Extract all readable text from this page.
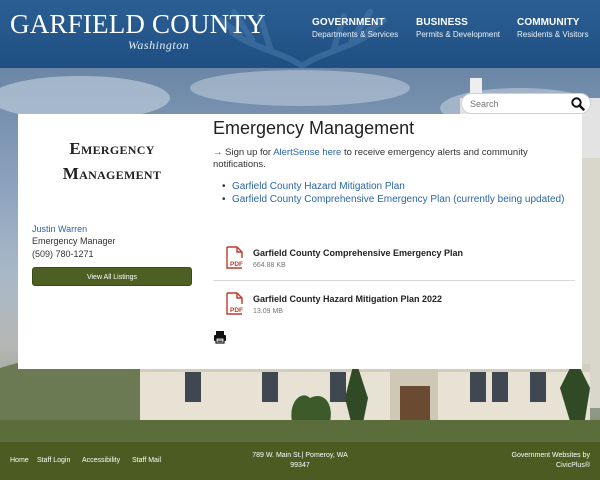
GARFIELD COUNTY
Washington
GOVERNMENT
Departments & Services
BUSINESS
Permits & Development
COMMUNITY
Residents & Visitors
Search
Emergency
Management
Justin Warren
Emergency Manager
(509) 780-1271
View All Listings
Emergency Management

→ Sign up for AlertSense here to receive emergency alerts and community notifications.

• Garfield County Hazard Mitigation Plan
• Garfield County Comprehensive Emergency Plan (currently being updated)
PDF
Garfield County Comprehensive Emergency Plan
664.88 KB
PDF
Garfield County Hazard Mitigation Plan 2022
13.09 MB
Home Staff Login Accessibility Staff Mail
789 W. Main St.| Pomeroy, WA
99347
Government Websites by
CivicPlus®
